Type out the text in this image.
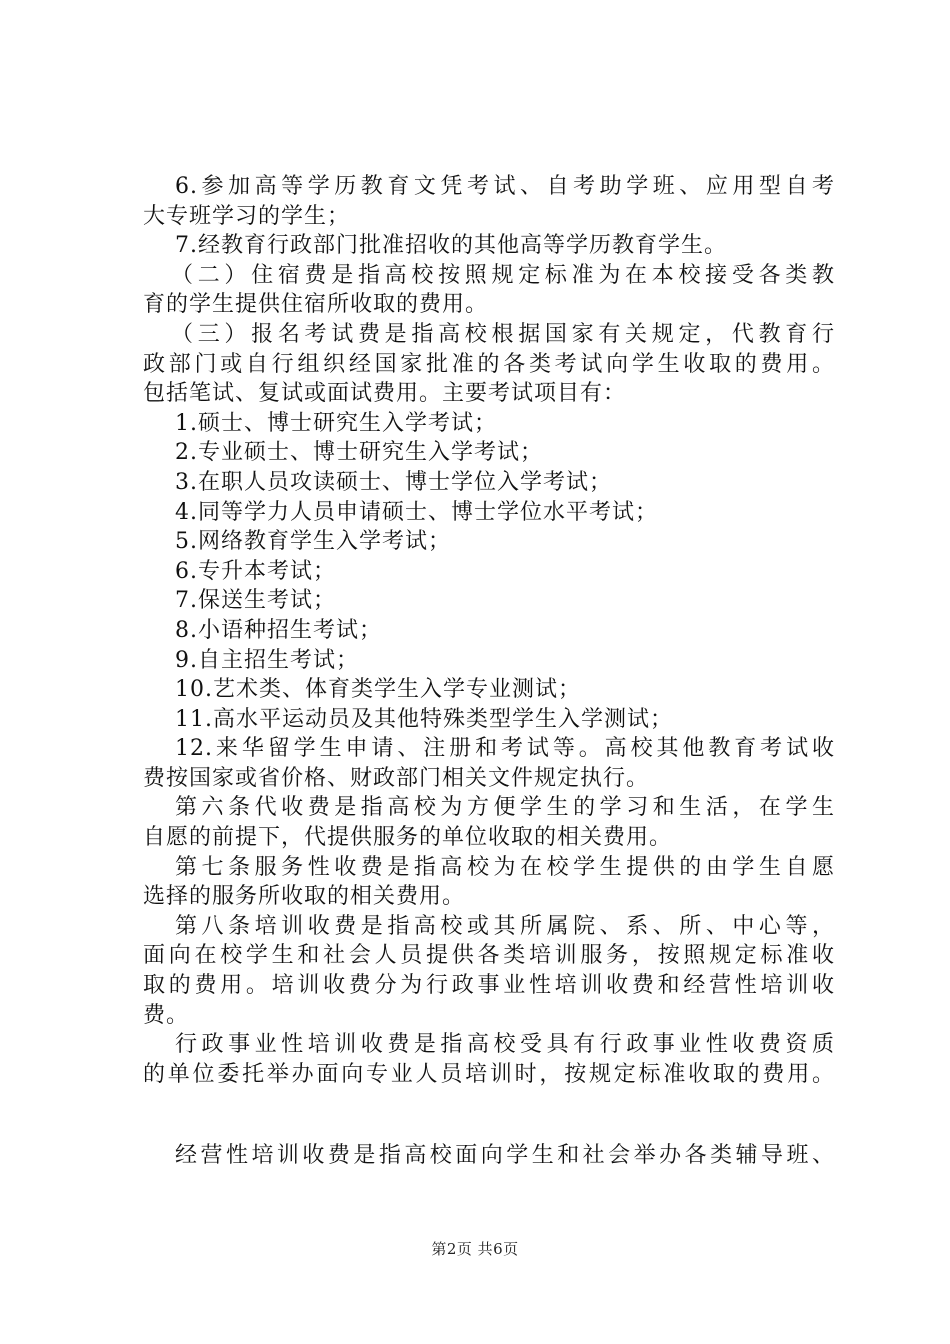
6.参加高等学历教育文凭考试、自考助学班、应用型自考
大专班学习的学生；
7.经教育行政部门批准招收的其他高等学历教育学生。
（二）住宿费是指高校按照规定标准为在本校接受各类教
育的学生提供住宿所收取的费用。
（三）报名考试费是指高校根据国家有关规定，代教育行
政部门或自行组织经国家批准的各类考试向学生收取的费用。
包括笔试、复试或面试费用。主要考试项目有：
1.硕士、博士研究生入学考试；
2.专业硕士、博士研究生入学考试；
3.在职人员攻读硕士、博士学位入学考试；
4.同等学力人员申请硕士、博士学位水平考试；
5.网络教育学生入学考试；
6.专升本考试；
7.保送生考试；
8.小语种招生考试；
9.自主招生考试；
10.艺术类、体育类学生入学专业测试；
11.高水平运动员及其他特殊类型学生入学测试；
12.来华留学生申请、注册和考试等。高校其他教育考试收
费按国家或省价格、财政部门相关文件规定执行。
第六条代收费是指高校为方便学生的学习和生活，在学生
自愿的前提下，代提供服务的单位收取的相关费用。
第七条服务性收费是指高校为在校学生提供的由学生自愿
选择的服务所收取的相关费用。
第八条培训收费是指高校或其所属院、系、所、中心等，
面向在校学生和社会人员提供各类培训服务，按照规定标准收
取的费用。培训收费分为行政事业性培训收费和经营性培训收
费。
行政事业性培训收费是指高校受具有行政事业性收费资质
的单位委托举办面向专业人员培训时，按规定标准收取的费用。
经营性培训收费是指高校面向学生和社会举办各类辅导班、
第2页 共6页
